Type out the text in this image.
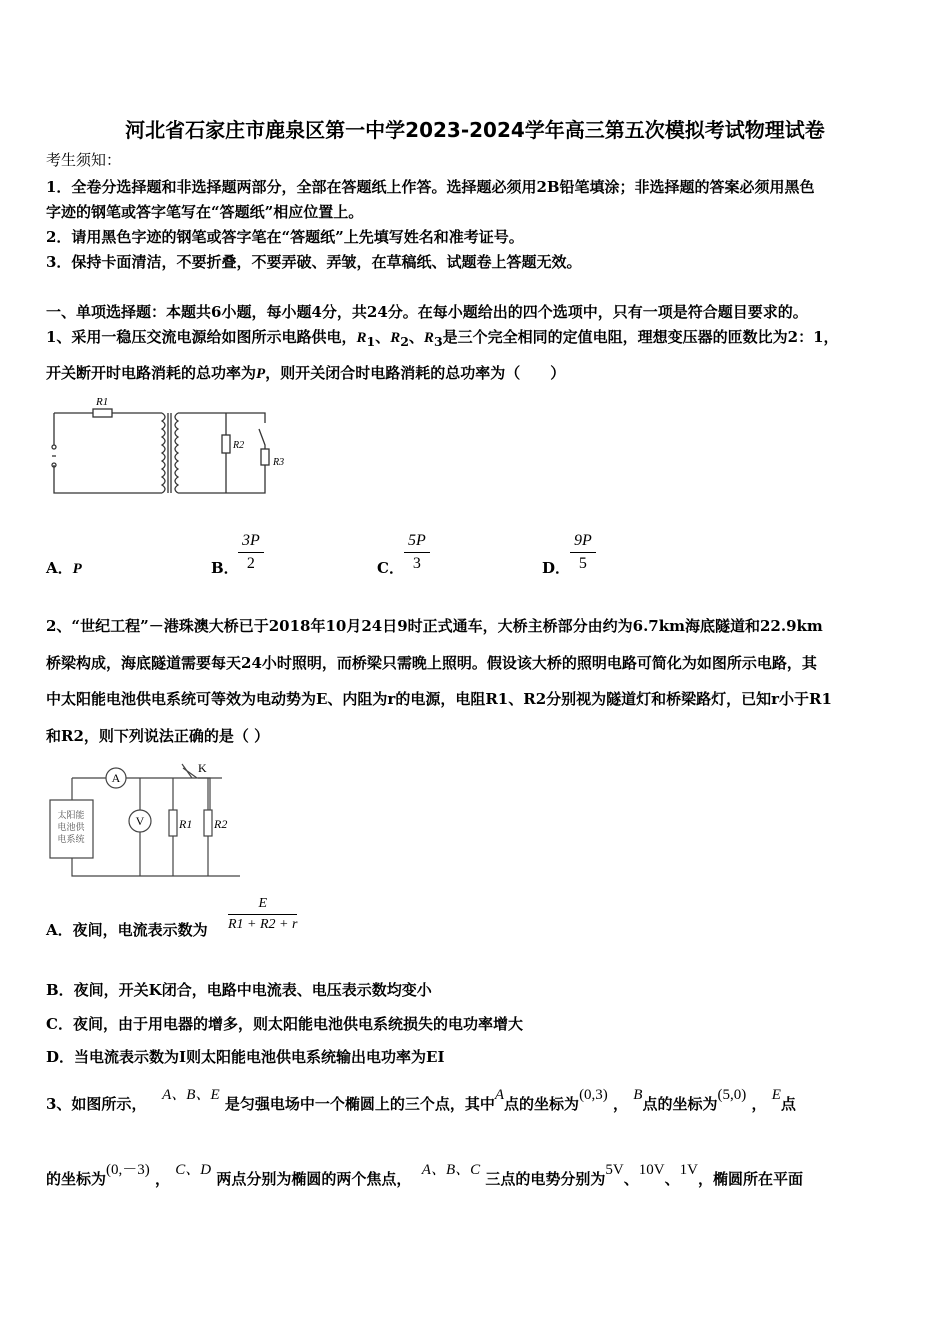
河北省石家庄市鹿泉区第一中学2023-2024学年高三第五次模拟考试物理试卷
考生须知：
1．全卷分选择题和非选择题两部分，全部在答题纸上作答。选择题必须用2B铅笔填涂；非选择题的答案必须用黑色
字迹的钢笔或答字笔写在“答题纸”相应位置上。
2．请用黑色字迹的钢笔或答字笔在“答题纸”上先填写姓名和准考证号。
3．保持卡面清洁，不要折叠，不要弄破、弄皱，在草稿纸、试题卷上答题无效。
一、单项选择题：本题共6小题，每小题4分，共24分。在每小题给出的四个选项中，只有一项是符合题目要求的。
1、采用一稳压交流电源给如图所示电路供电，$R_1$、$R_2$、$R_3$是三个完全相同的定值电阻，理想变压器的匝数比为2：1，
开关断开时电路消耗的总功率为P，则开关闭合时电路消耗的总功率为（　　）
R1
R2
R3
A．P	B． $\frac{3P}{2}$	C． $\frac{5P}{3}$	D． $\frac{9P}{5}$
2、“世纪工程”－港珠澳大桥已于2018年10月24日9时正式通车，大桥主桥部分由约为6.7km海底隧道和22.9km
桥梁构成，海底隧道需要每天24小时照明，而桥梁只需晚上照明。假设该大桥的照明电路可简化为如图所示电路，其
中太阳能电池供电系统可等效为电动势为E、内阻为r的电源，电阻R1、R2分别视为隧道灯和桥梁路灯，已知r小于R1
和R2，则下列说法正确的是（ ）
A
V
K
R1 R2
太阳能
电池供
电系统
A．夜间，电流表示数为 $\frac{E}{R1 + R2 + r}$
B．夜间，开关K闭合，电路中电流表、电压表示数均变小
C．夜间，由于用电器的增多，则太阳能电池供电系统损失的电功率增大
D．当电流表示数为I则太阳能电池供电系统输出电功率为EI
3、如图所示， A、B、E 是匀强电场中一个椭圆上的三个点，其中A点的坐标为(0,3) ， B点的坐标为(5,0) ， E点
的坐标为(0,－3) ， C、D 两点分别为椭圆的两个焦点， A、B、C 三点的电势分别为5V、10V、1V，椭圆所在平面
